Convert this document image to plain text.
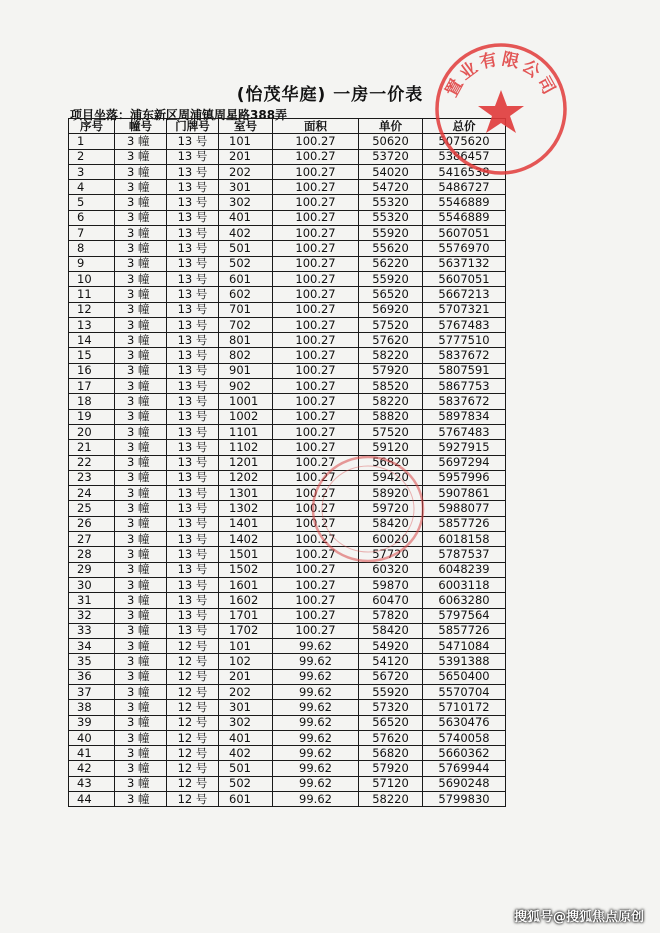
(怡茂华庭) 一房一价表
项目坐落：浦东新区周浦镇周星路388弄
序号	幢号	门牌号	室号	面积	单价	总价
1	3 幢	13 号	101	100.27	50620	5075620
2	3 幢	13 号	201	100.27	53720	5386457
3	3 幢	13 号	202	100.27	54020	5416538
4	3 幢	13 号	301	100.27	54720	5486727
5	3 幢	13 号	302	100.27	55320	5546889
6	3 幢	13 号	401	100.27	55320	5546889
7	3 幢	13 号	402	100.27	55920	5607051
8	3 幢	13 号	501	100.27	55620	5576970
9	3 幢	13 号	502	100.27	56220	5637132
10	3 幢	13 号	601	100.27	55920	5607051
11	3 幢	13 号	602	100.27	56520	5667213
12	3 幢	13 号	701	100.27	56920	5707321
13	3 幢	13 号	702	100.27	57520	5767483
14	3 幢	13 号	801	100.27	57620	5777510
15	3 幢	13 号	802	100.27	58220	5837672
16	3 幢	13 号	901	100.27	57920	5807591
17	3 幢	13 号	902	100.27	58520	5867753
18	3 幢	13 号	1001	100.27	58220	5837672
19	3 幢	13 号	1002	100.27	58820	5897834
20	3 幢	13 号	1101	100.27	57520	5767483
21	3 幢	13 号	1102	100.27	59120	5927915
22	3 幢	13 号	1201	100.27	56820	5697294
23	3 幢	13 号	1202	100.27	59420	5957996
24	3 幢	13 号	1301	100.27	58920	5907861
25	3 幢	13 号	1302	100.27	59720	5988077
26	3 幢	13 号	1401	100.27	58420	5857726
27	3 幢	13 号	1402	100.27	60020	6018158
28	3 幢	13 号	1501	100.27	57720	5787537
29	3 幢	13 号	1502	100.27	60320	6048239
30	3 幢	13 号	1601	100.27	59870	6003118
31	3 幢	13 号	1602	100.27	60470	6063280
32	3 幢	13 号	1701	100.27	57820	5797564
33	3 幢	13 号	1702	100.27	58420	5857726
34	3 幢	12 号	101	99.62	54920	5471084
35	3 幢	12 号	102	99.62	54120	5391388
36	3 幢	12 号	201	99.62	56720	5650400
37	3 幢	12 号	202	99.62	55920	5570704
38	3 幢	12 号	301	99.62	57320	5710172
39	3 幢	12 号	302	99.62	56520	5630476
40	3 幢	12 号	401	99.62	57620	5740058
41	3 幢	12 号	402	99.62	56820	5660362
42	3 幢	12 号	501	99.62	57920	5769944
43	3 幢	12 号	502	99.62	57120	5690248
44	3 幢	12 号	601	99.62	58220	5799830
置业有限公司
搜狐号@搜狐焦点原创
